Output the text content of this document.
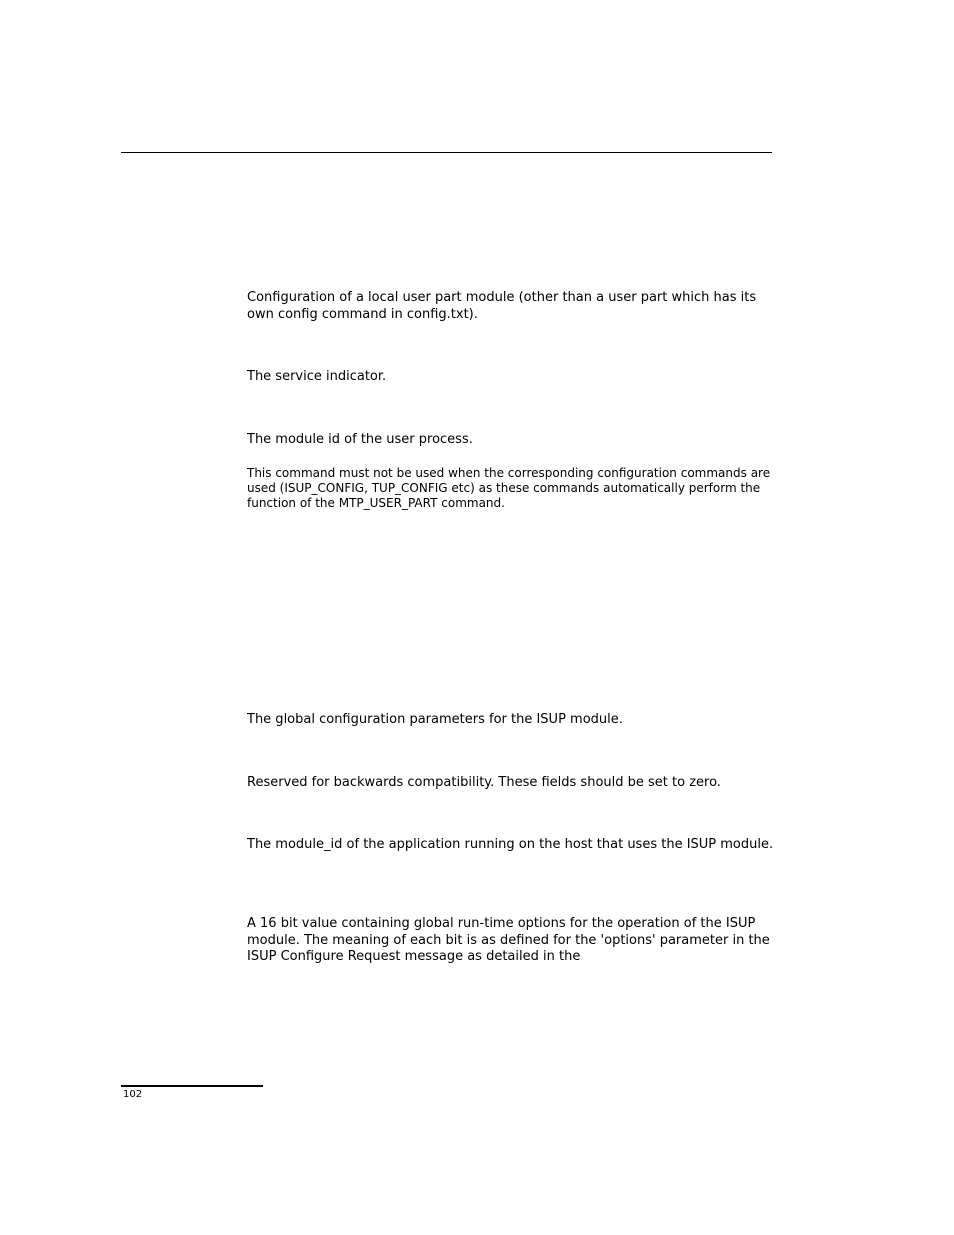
Configuration of a local user part module (other than a user part which has its own config command in config.txt).

The service indicator.

The module id of the user process.

This command must not be used when the corresponding configuration commands are used (ISUP_CONFIG, TUP_CONFIG etc) as these commands automatically perform the function of the MTP_USER_PART command.

The global configuration parameters for the ISUP module.

Reserved for backwards compatibility. These fields should be set to zero.

The module_id of the application running on the host that uses the ISUP module.

A 16 bit value containing global run-time options for the operation of the ISUP module. The meaning of each bit is as defined for the 'options' parameter in the ISUP Configure Request message as detailed in the

102
